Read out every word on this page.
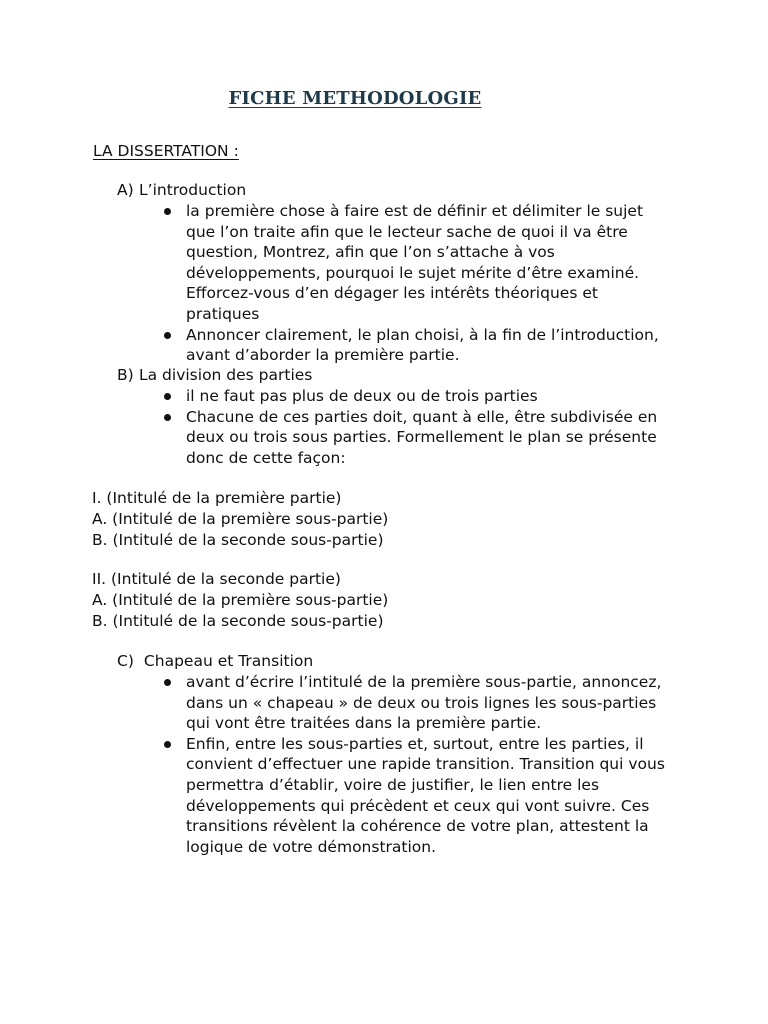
FICHE METHODOLOGIE

LA DISSERTATION :

A) L’introduction
la première chose à faire est de définir et délimiter le sujet que l’on traite afin que le lecteur sache de quoi il va être question, Montrez, afin que l’on s’attache à vos développements, pourquoi le sujet mérite d’être examiné. Efforcez-vous d’en dégager les intérêts théoriques et pratiques
Annoncer clairement, le plan choisi, à la fin de l’introduction, avant d’aborder la première partie.
B) La division des parties
il ne faut pas plus de deux ou de trois parties
Chacune de ces parties doit, quant à elle, être subdivisée en deux ou trois sous parties. Formellement le plan se présente donc de cette façon:

I. (Intitulé de la première partie)

A. (Intitulé de la première sous-partie)

B. (Intitulé de la seconde sous-partie)

II. (Intitulé de la seconde partie)

A. (Intitulé de la première sous-partie)

B. (Intitulé de la seconde sous-partie)

C) Chapeau et Transition
avant d’écrire l’intitulé de la première sous-partie, annoncez, dans un « chapeau » de deux ou trois lignes les sous-parties qui vont être traitées dans la première partie.
Enfin, entre les sous-parties et, surtout, entre les parties, il convient d’effectuer une rapide transition. Transition qui vous permettra d’établir, voire de justifier, le lien entre les développements qui précèdent et ceux qui vont suivre. Ces transitions révèlent la cohérence de votre plan, attestent la logique de votre démonstration.
